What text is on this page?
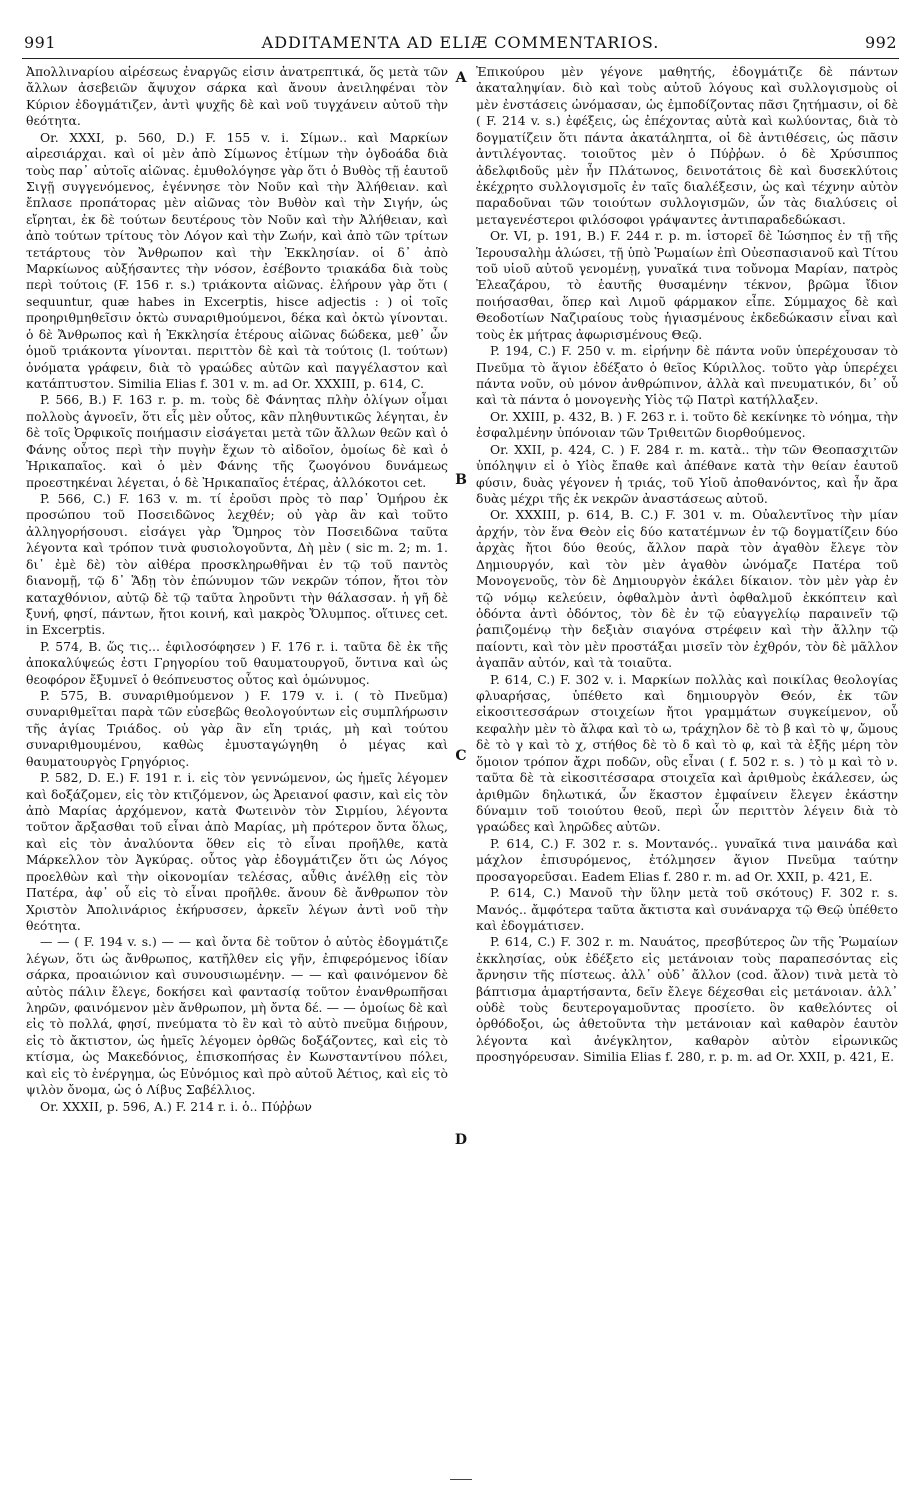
991	ADDITAMENTA AD ELIÆ COMMENTARIOS.	992

Ἀπολλιναρίου αἱρέσεως ἐναργῶς εἰσιν ἀνατρεπτικά, ὅς μετὰ τῶν ἄλλων ἀσεβειῶν ἄψυχον σάρκα καὶ ἄνουν ἀνειληφέναι τὸν Κύριον ἐδογμάτιζεν, ἀντὶ ψυχῆς δὲ καὶ νοῦ τυγχάνειν αὐτοῦ τὴν θεότητα.

Or. XXXI, p. 560, D.) F. 155 v. i. Σίμων.. καὶ Μαρκίων αἱρεσιάρχαι. καὶ οἱ μὲν ἀπὸ Σίμωνος ἐτίμων τὴν ὀγδοάδα διὰ τοὺς παρ᾽ αὐτοῖς αἰῶνας. ἐμυθολόγησε γὰρ ὅτι ὁ Βυθὸς τῇ ἑαυτοῦ Σιγῇ συγγενόμενος, ἐγέννησε τὸν Νοῦν καὶ τὴν Ἀλήθειαν. καὶ ἔπλασε προπάτορας μὲν αἰῶνας τὸν Βυθὸν καὶ τὴν Σιγήν, ὡς εἴρηται, ἐκ δὲ τούτων δευτέρους τὸν Νοῦν καὶ τὴν Ἀλήθειαν, καὶ ἀπὸ τούτων τρίτους τὸν Λόγον καὶ τὴν Ζωήν, καὶ ἀπὸ τῶν τρίτων τετάρτους τὸν Ἄνθρωπον καὶ τὴν Ἐκκλησίαν. οἱ δ᾽ ἀπὸ Μαρκίωνος αὐξήσαντες τὴν νόσον, ἐσέβοντο τριακάδα διὰ τοὺς περὶ τούτοις (F. 156 r. s.) τριάκοντα αἰῶνας. ἐλήρουν γὰρ ὅτι ( sequuntur, quæ habes in Excerptis, hisce adjectis : ) οἱ τοῖς προηριθμηθεῖσιν ὀκτὼ συναριθμούμενοι, δέκα καὶ ὀκτὼ γίνονται. ὁ δὲ Ἄνθρωπος καὶ ἡ Ἐκκλησία ἑτέρους αἰῶνας δώδεκα, μεθ᾽ ὧν ὁμοῦ τριάκοντα γίνονται. περιττὸν δὲ καὶ τὰ τούτοις (l. τούτων) ὀνόματα γράφειν, διὰ τὸ γραώδες αὐτῶν καὶ παγγέλαστον καὶ κατάπτυστον. Similia Elias f. 301 v. m. ad Or. XXXIII, p. 614, C.

P. 566, B.) F. 163 r. p. m. τοὺς δὲ Φάνητας πλὴν ὀλίγων οἶμαι πολλοὺς ἀγνοεῖν, ὅτι εἷς μὲν οὗτος, κἂν πληθυντικῶς λέγηται, ἐν δὲ τοῖς Ὀρφικοῖς ποιήμασιν εἰσάγεται μετὰ τῶν ἄλλων θεῶν καὶ ὁ Φάνης οὗτος περὶ τὴν πυγὴν ἔχων τὸ αἰδοῖον, ὁμοίως δὲ καὶ ὁ Ἠρικαπαῖος. καὶ ὁ μὲν Φάνης τῆς ζωογόνου δυνάμεως προεστηκέναι λέγεται, ὁ δὲ Ἠρικαπαῖος ἑτέρας, ἀλλόκοτοι cet.

P. 566, C.) F. 163 v. m. τί ἐροῦσι πρὸς τὸ παρ᾽ Ὁμήρου ἐκ προσώπου τοῦ Ποσειδῶνος λεχθέν; οὐ γὰρ ἂν καὶ τοῦτο ἀλληγορήσουσι. εἰσάγει γὰρ Ὅμηρος τὸν Ποσειδῶνα ταῦτα λέγοντα καὶ τρόπον τινὰ φυσιολογοῦντα, Δὴ μὲν ( sic m. 2; m. 1. δι᾽ ἐμὲ δὲ) τὸν αἰθέρα προσκληρωθῆναι ἐν τῷ τοῦ παντὸς διανομῇ, τῷ δ᾽ Ἅδῃ τὸν ἐπώνυμον τῶν νεκρῶν τόπον, ἤτοι τὸν καταχθόνιον, αὐτῷ δὲ τῷ ταῦτα ληροῦντι τὴν θάλασσαν. ἡ γῆ δὲ ξυνή, φησί, πάντων, ἤτοι κοινή, καὶ μακρὸς Ὄλυμπος. οἵτινες cet. in Excerptis.

P. 574, B. ὥς τις... ἐφιλοσόφησεν ) F. 176 r. i. ταῦτα δὲ ἐκ τῆς ἀποκαλύψεώς ἐστι Γρηγορίου τοῦ θαυματουργοῦ, ὅντινα καὶ ὡς θεοφόρον ἔξυμνεῖ ὁ θεόπνευστος οὗτος καὶ ὁμώνυμος.

P. 575, B. συναριθμούμενον ) F. 179 v. i. ( τὸ Πνεῦμα) συναριθμεῖται παρὰ τῶν εὐσεβῶς θεολογούντων εἰς συμπλήρωσιν τῆς ἁγίας Τριάδος. οὐ γὰρ ἂν εἴη τριάς, μὴ καὶ τούτου συναριθμουμένου, καθὼς ἐμυσταγώγηθη ὁ μέγας καὶ θαυματουργὸς Γρηγόριος.

P. 582, D. E.) F. 191 r. i. εἰς τὸν γεννώμενον, ὡς ἡμεῖς λέγομεν καὶ δοξάζομεν, εἰς τὸν κτιζόμενον, ὡς Ἀρειανοί φασιν, καὶ εἰς τὸν ἀπὸ Μαρίας ἀρχόμενον, κατὰ Φωτεινὸν τὸν Σιρμίου, λέγοντα τοῦτον ἄρξασθαι τοῦ εἶναι ἀπὸ Μαρίας, μὴ πρότερον ὄντα ὅλως, καὶ εἰς τὸν ἀναλύοντα ὅθεν εἰς τὸ εἶναι προῆλθε, κατὰ Μάρκελλον τὸν Ἀγκύρας. οὗτος γὰρ ἐδογμάτιζεν ὅτι ὡς Λόγος προελθὼν καὶ τὴν οἰκονομίαν τελέσας, αὖθις ἀνέλθῃ εἰς τὸν Πατέρα, ἀφ᾽ οὗ εἰς τὸ εἶναι προῆλθε. ἄνουν δὲ ἄνθρωπον τὸν Χριστὸν Ἀπολινάριος ἐκήρυσσεν, ἀρκεῖν λέγων ἀντὶ νοῦ τὴν θεότητα.

— — ( F. 194 v. s.) — — καὶ ὄντα δὲ τοῦτον ὁ αὐτὸς ἐδογμάτιζε λέγων, ὅτι ὡς ἄνθρωπος, κατῆλθεν εἰς γῆν, ἐπιφερόμενος ἰδίαν σάρκα, προαιώνιον καὶ συνουσιωμένην. — — καὶ φαινόμενον δὲ αὐτὸς πάλιν ἔλεγε, δοκήσει καὶ φαντασίᾳ τοῦτον ἐνανθρωπῆσαι ληρῶν, φαινόμενον μὲν ἄνθρωπον, μὴ ὄντα δέ. — — ὁμοίως δὲ καὶ εἰς τὸ πολλά, φησί, πνεύματα τὸ ἓν καὶ τὸ αὐτὸ πνεῦμα διῄρουν, εἰς τὸ ἄκτιστον, ὡς ἡμεῖς λέγομεν ὀρθῶς δοξάζοντες, καὶ εἰς τὸ κτίσμα, ὡς Μακεδόνιος, ἐπισκοπήσας ἐν Κωνσταντίνου πόλει, καὶ εἰς τὸ ἐνέργημα, ὡς Εὐνόμιος καὶ πρὸ αὐτοῦ Ἀέτιος, καὶ εἰς τὸ ψιλὸν ὄνομα, ὡς ὁ Λίβυς Σαβέλλιος.

Or. XXXII, p. 596, A.) F. 214 r. i. ὁ.. Πύῤῥων

A
B
C
D

Ἐπικούρου μὲν γέγονε μαθητής, ἐδογμάτιζε δὲ πάντων ἀκαταληψίαν. διὸ καὶ τοὺς αὐτοῦ λόγους καὶ συλλογισμοὺς οἱ μὲν ἐνστάσεις ὠνόμασαν, ὡς ἐμποδίζοντας πᾶσι ζητήμασιν, οἱ δὲ ( F. 214 v. s.) ἐφέξεις, ὡς ἐπέχοντας αὐτὰ καὶ κωλύοντας, διὰ τὸ δογματίζειν ὅτι πάντα ἀκατάληπτα, οἱ δὲ ἀντιθέσεις, ὡς πᾶσιν ἀντιλέγοντας. τοιοῦτος μὲν ὁ Πύῤῥων. ὁ δὲ Χρύσιππος ἀδελφιδοῦς μὲν ἦν Πλάτωνος, δεινοτάτοις δὲ καὶ δυσεκλύτοις ἐκέχρητο συλλογισμοῖς ἐν ταῖς διαλέξεσιν, ὡς καὶ τέχνην αὐτὸν παραδοῦναι τῶν τοιούτων συλλογισμῶν, ὧν τὰς διαλύσεις οἱ μεταγενέστεροι φιλόσοφοι γράψαντες ἀντιπαραδεδώκασι.

Or. VI, p. 191, B.) F. 244 r. p. m. ἱστορεῖ δὲ Ἰώσηπος ἐν τῇ τῆς Ἱερουσαλὴμ ἁλώσει, τῇ ὑπὸ Ῥωμαίων ἐπὶ Οὐεσπασιανοῦ καὶ Τίτου τοῦ υἱοῦ αὐτοῦ γενομένῃ, γυναῖκά τινα τοὔνομα Μαρίαν, πατρὸς Ἐλεαζάρου, τὸ ἑαυτῆς θυσαμένην τέκνον, βρῶμα ἴδιον ποιήσασθαι, ὅπερ καὶ Λιμοῦ φάρμακον εἶπε. Σύμμαχος δὲ καὶ Θεοδοτίων Ναζιραίους τοὺς ἡγιασμένους ἐκδεδώκασιν εἶναι καὶ τοὺς ἐκ μήτρας ἀφωρισμένους Θεῷ.

P. 194, C.) F. 250 v. m. εἰρήνην δὲ πάντα νοῦν ὑπερέχουσαν τὸ Πνεῦμα τὸ ἅγιον ἐδέξατο ὁ θεῖος Κύριλλος. τοῦτο γὰρ ὑπερέχει πάντα νοῦν, οὐ μόνον ἀνθρώπινον, ἀλλὰ καὶ πνευματικόν, δι᾽ οὗ καὶ τὰ πάντα ὁ μονογενὴς Υἱὸς τῷ Πατρὶ κατήλλαξεν.

Or. XXIII, p. 432, B. ) F. 263 r. i. τοῦτο δὲ κεκίνηκε τὸ νόημα, τὴν ἐσφαλμένην ὑπόνοιαν τῶν Τριθειτῶν διορθούμενος.

Or. XXII, p. 424, C. ) F. 284 r. m. κατὰ.. τὴν τῶν Θεοπασχιτῶν ὑπόληψιν εἰ ὁ Υἱὸς ἔπαθε καὶ ἀπέθανε κατὰ τὴν θείαν ἑαυτοῦ φύσιν, δυὰς γέγονεν ἡ τριάς, τοῦ Υἱοῦ ἀποθανόντος, καὶ ἦν ἄρα δυὰς μέχρι τῆς ἐκ νεκρῶν ἀναστάσεως αὐτοῦ.

Or. XXXIII, p. 614, B. C.) F. 301 v. m. Οὐαλεντῖνος τὴν μίαν ἀρχήν, τὸν ἕνα Θεὸν εἰς δύο κατατέμνων ἐν τῷ δογματίζειν δύο ἀρχὰς ἤτοι δύο θεούς, ἄλλον παρὰ τὸν ἀγαθὸν ἔλεγε τὸν Δημιουργόν, καὶ τὸν μὲν ἀγαθὸν ὠνόμαζε Πατέρα τοῦ Μονογενοῦς, τὸν δὲ Δημιουργὸν ἐκάλει δίκαιον. τὸν μὲν γὰρ ἐν τῷ νόμῳ κελεύειν, ὀφθαλμὸν ἀντὶ ὀφθαλμοῦ ἐκκόπτειν καὶ ὀδόντα ἀντὶ ὀδόντος, τὸν δὲ ἐν τῷ εὐαγγελίῳ παραινεῖν τῷ ῥαπιζομένῳ τὴν δεξιὰν σιαγόνα στρέφειν καὶ τὴν ἄλλην τῷ παίοντι, καὶ τὸν μὲν προστάξαι μισεῖν τὸν ἐχθρόν, τὸν δὲ μᾶλλον ἀγαπᾶν αὐτόν, καὶ τὰ τοιαῦτα.

P. 614, C.) F. 302 v. i. Μαρκίων πολλὰς καὶ ποικίλας θεολογίας φλυαρήσας, ὑπέθετο καὶ δημιουργὸν Θεόν, ἐκ τῶν εἰκοσιτεσσάρων στοιχείων ἤτοι γραμμάτων συγκείμενον, οὗ κεφαλὴν μὲν τὸ ἄλφα καὶ τὸ ω, τράχηλον δὲ τὸ β καὶ τὸ ψ, ὤμους δὲ τὸ γ καὶ τὸ χ, στήθος δὲ τὸ δ καὶ τὸ φ, καὶ τὰ ἑξῆς μέρη τὸν ὅμοιον τρόπον ἄχρι ποδῶν, οὓς εἶναι ( f. 502 r. s. ) τὸ μ καὶ τὸ ν. ταῦτα δὲ τὰ εἰκοσιτέσσαρα στοιχεῖα καὶ ἀριθμοὺς ἐκάλεσεν, ὡς ἀριθμῶν δηλωτικά, ὧν ἕκαστον ἐμφαίνειν ἔλεγεν ἑκάστην δύναμιν τοῦ τοιούτου θεοῦ, περὶ ὧν περιττὸν λέγειν διὰ τὸ γραώδες καὶ ληρῶδες αὐτῶν.

P. 614, C.) F. 302 r. s. Μοντανός.. γυναῖκά τινα μαινάδα καὶ μάχλον ἐπισυρόμενος, ἐτόλμησεν ἅγιον Πνεῦμα ταύτην προσαγορεῦσαι. Eadem Elias f. 280 r. m. ad Or. XXII, p. 421, E.

P. 614, C.) Μανοῦ τὴν ὕλην μετὰ τοῦ σκότους) F. 302 r. s. Μανός.. ἄμφότερα ταῦτα ἄκτιστα καὶ συνάναρχα τῷ Θεῷ ὑπέθετο καὶ ἐδογμάτισεν.

P. 614, C.) F. 302 r. m. Ναυάτος, πρεσβύτερος ὢν τῆς Ῥωμαίων ἐκκλησίας, οὐκ ἐδέξετο εἰς μετάνοιαν τοὺς παραπεσόντας εἰς ἄρνησιν τῆς πίστεως. ἀλλ᾽ οὐδ᾽ ἄλλον (cod. ἄλον) τινὰ μετὰ τὸ βάπτισμα ἁμαρτήσαντα, δεῖν ἔλεγε δέχεσθαι εἰς μετάνοιαν. ἀλλ᾽ οὐδὲ τοὺς δευτερογαμοῦντας προσίετο. ὃν καθελόντες οἱ ὀρθόδοξοι, ὡς ἀθετοῦντα τὴν μετάνοιαν καὶ καθαρὸν ἑαυτὸν λέγοντα καὶ ἀνέγκλητον, καθαρὸν αὐτὸν εἰρωνικῶς προσηγόρευσαν. Similia Elias f. 280, r. p. m. ad Or. XXII, p. 421, E.
